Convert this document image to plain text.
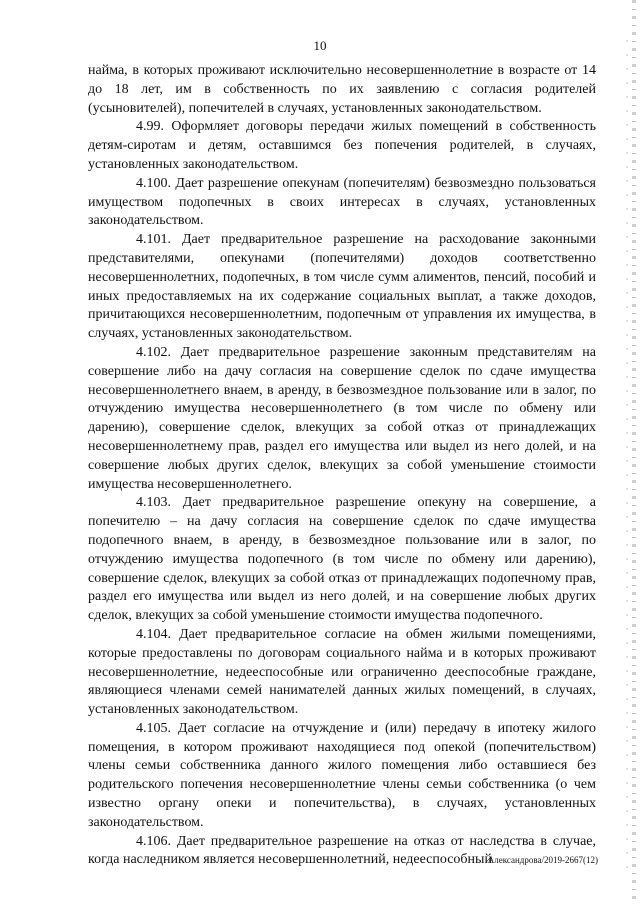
10

найма, в которых проживают исключительно несовершеннолетние в возрасте от 14 до 18 лет, им в собственность по их заявлению с согласия родителей (усыновителей), попечителей в случаях, установленных законодательством.

4.99. Оформляет договоры передачи жилых помещений в собственность детям-сиротам и детям, оставшимся без попечения родителей, в случаях, установленных законодательством.

4.100. Дает разрешение опекунам (попечителям) безвозмездно пользоваться имуществом подопечных в своих интересах в случаях, установленных законодательством.

4.101. Дает предварительное разрешение на расходование законными представителями, опекунами (попечителями) доходов соответственно несовершеннолетних, подопечных, в том числе сумм алиментов, пенсий, пособий и иных предоставляемых на их содержание социальных выплат, а также доходов, причитающихся несовершеннолетним, подопечным от управления их имущества, в случаях, установленных законодательством.

4.102. Дает предварительное разрешение законным представителям на совершение либо на дачу согласия на совершение сделок по сдаче имущества несовершеннолетнего внаем, в аренду, в безвозмездное пользование или в залог, по отчуждению имущества несовершеннолетнего (в том числе по обмену или дарению), совершение сделок, влекущих за собой отказ от принадлежащих несовершеннолетнему прав, раздел его имущества или выдел из него долей, и на совершение любых других сделок, влекущих за собой уменьшение стоимости имущества несовершеннолетнего.

4.103. Дает предварительное разрешение опекуну на совершение, а попечителю – на дачу согласия на совершение сделок по сдаче имущества подопечного внаем, в аренду, в безвозмездное пользование или в залог, по отчуждению имущества подопечного (в том числе по обмену или дарению), совершение сделок, влекущих за собой отказ от принадлежащих подопечному прав, раздел его имущества или выдел из него долей, и на совершение любых других сделок, влекущих за собой уменьшение стоимости имущества подопечного.

4.104. Дает предварительное согласие на обмен жилыми помещениями, которые предоставлены по договорам социального найма и в которых проживают несовершеннолетние, недееспособные или ограниченно дееспособные граждане, являющиеся членами семей нанимателей данных жилых помещений, в случаях, установленных законодательством.

4.105. Дает согласие на отчуждение и (или) передачу в ипотеку жилого помещения, в котором проживают находящиеся под опекой (попечительством) члены семьи собственника данного жилого помещения либо оставшиеся без родительского попечения несовершеннолетние члены семьи собственника (о чем известно органу опеки и попечительства), в случаях, установленных законодательством.

4.106. Дает предварительное разрешение на отказ от наследства в случае, когда наследником является несовершеннолетний, недееспособный

Александрова/2019-2667(12)
